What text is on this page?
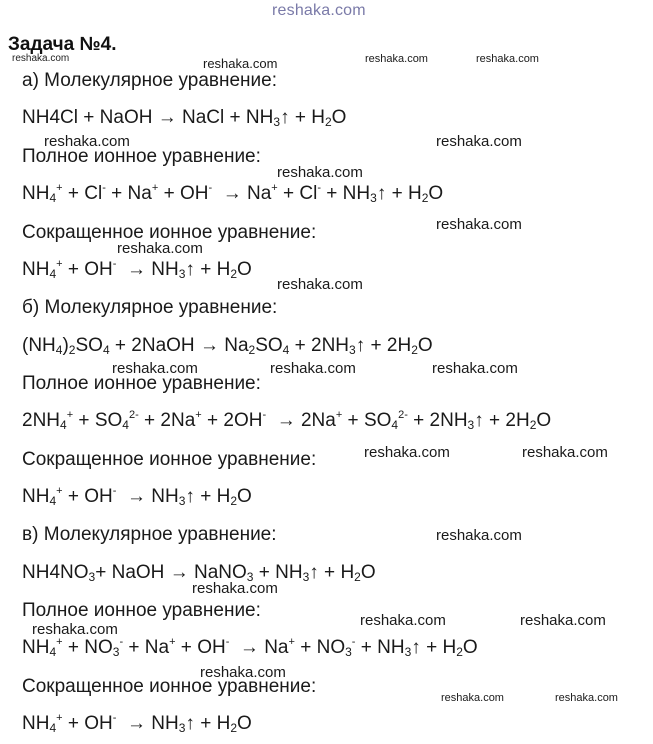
reshaka.com
Задача №4.
reshaka.com	reshaka.com	reshaka.com	reshaka.com
reshaka.com	reshaka.com
reshaka.com
reshaka.com
reshaka.com
reshaka.com
reshaka.com	reshaka.com	reshaka.com
reshaka.com	reshaka.com
reshaka.com
reshaka.com
reshaka.com	reshaka.com
reshaka.com
reshaka.com
reshaka.com	reshaka.com
а) Молекулярное уравнение:
NH4Cl + NaOH → NaCl + $NH_3↑ + H_2O$
Полное ионное уравнение:
$NH_4^+ + Cl^- + Na^+ + OH^- \to Na^+ + Cl^-$ + $NH_3↑ + H_2O$
Сокращенное ионное уравнение:
$NH_4^+ + OH^-$ → $NH_3↑ + H_2O$
б) Молекулярное уравнение:
$(NH_4)_2SO_4$ + 2NaOH → $Na_2SO_4$ + $2NH_3↑ + 2H_2O$
Полное ионное уравнение:
$2NH_4^+ + SO_4^{2-} + 2Na^+ + 2OH^- \to 2Na^+ + SO_4^{2-}$ + $2NH_3↑ + 2H_2O$
Сокращенное ионное уравнение:
$NH_4^+ + OH^-$ → $NH_3↑ + H_2O$
в) Молекулярное уравнение:
$NH4NO_3+$ NaOH → NaNO$_3$ + $NH_3↑ + H_2O$
Полное ионное уравнение:
$NH_4^+ + NO_3^- + Na^+ + OH^- \to Na^+ + NO_3^-$ + $NH_3↑ + H_2O$
Сокращенное ионное уравнение:
$NH_4^+ + OH^-$ → $NH_3↑ + H_2O$
